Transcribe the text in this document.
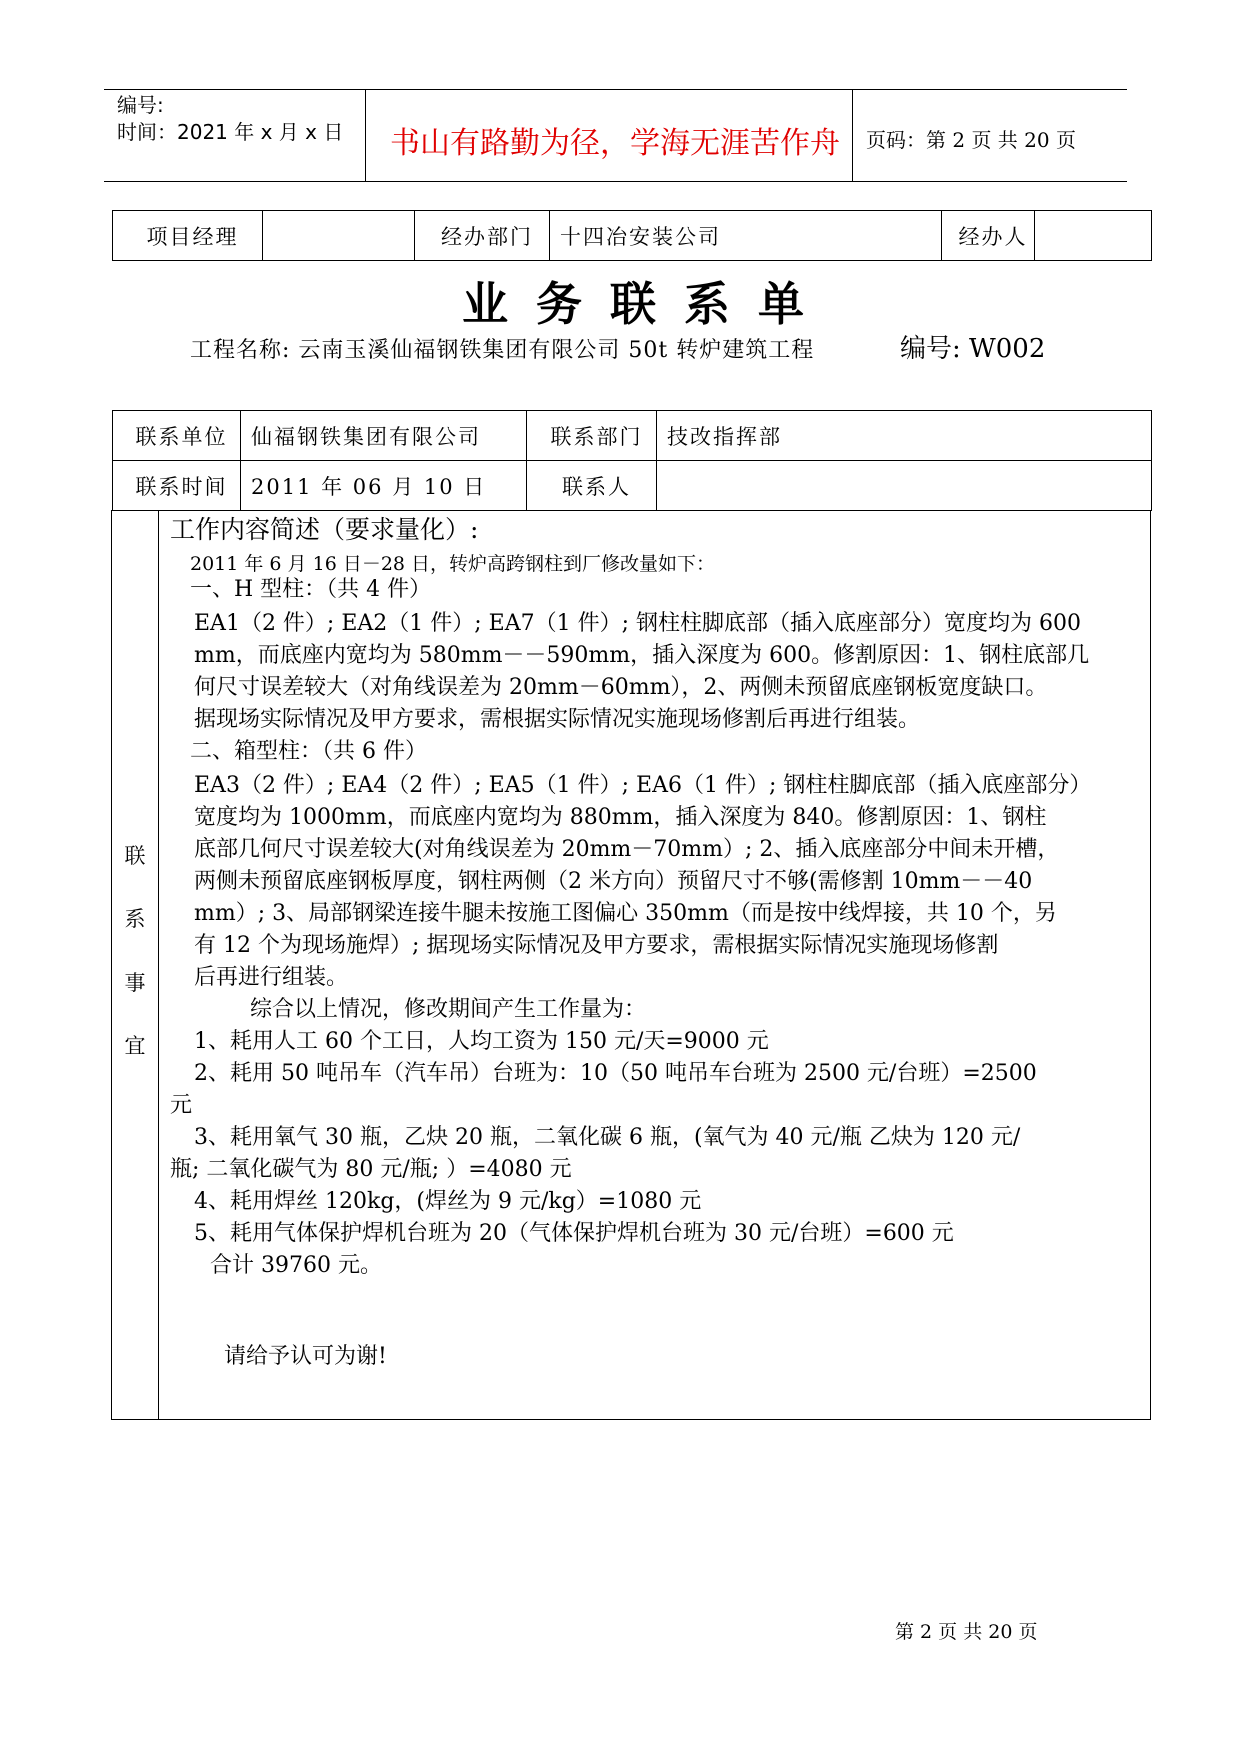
编号:
时间：2021 年 x 月 x 日 书山有路勤为径，学海无涯苦作舟 页码：第 2 页 共 20 页
项目经理		经办部门	十四冶安装公司	经办人	
业务联系单
工程名称: 云南玉溪仙福钢铁集团有限公司 50t 转炉建筑工程	编号: W002
联系单位	仙福钢铁集团有限公司	联系部门	技改指挥部
联系时间	2011 年 06 月 10 日	联系人	
联
系
事
宜
工作内容简述（要求量化）:
2011 年 6 月 16 日－28 日，转炉高跨钢柱到厂修改量如下：
一、H 型柱：（共 4 件）
EA1（2 件）; EA2（1 件）; EA7（1 件）; 钢柱柱脚底部（插入底座部分）宽度均为 600
mm，而底座内宽均为 580mm－－590mm，插入深度为 600。修割原因：1、钢柱底部几
何尺寸误差较大（对角线误差为 20mm－60mm），2、两侧未预留底座钢板宽度缺口。
据现场实际情况及甲方要求，需根据实际情况实施现场修割后再进行组装。
二、箱型柱：（共 6 件）
EA3（2 件）; EA4（2 件）; EA5（1 件）; EA6（1 件）; 钢柱柱脚底部（插入底座部分）
宽度均为 1000mm，而底座内宽均为 880mm，插入深度为 840。修割原因：1、钢柱
底部几何尺寸误差较大(对角线误差为 20mm－70mm）; 2、插入底座部分中间未开槽，
两侧未预留底座钢板厚度，钢柱两侧（2 米方向）预留尺寸不够(需修割 10mm－－40
mm）; 3、局部钢梁连接牛腿未按施工图偏心 350mm（而是按中线焊接，共 10 个，另
有 12 个为现场施焊）; 据现场实际情况及甲方要求，需根据实际情况实施现场修割
后再进行组装。
综合以上情况，修改期间产生工作量为：
1、耗用人工 60 个工日，人均工资为 150 元/天=9000 元
2、耗用 50 吨吊车（汽车吊）台班为：10（50 吨吊车台班为 2500 元/台班）=2500
元
3、耗用氧气 30 瓶，乙炔 20 瓶，二氧化碳 6 瓶，(氧气为 40 元/瓶 乙炔为 120 元/
瓶; 二氧化碳气为 80 元/瓶; ）=4080 元
4、耗用焊丝 120kg，(焊丝为 9 元/kg）=1080 元
5、耗用气体保护焊机台班为 20（气体保护焊机台班为 30 元/台班）=600 元
合计 39760 元。
请给予认可为谢!
第 2 页 共 20 页
